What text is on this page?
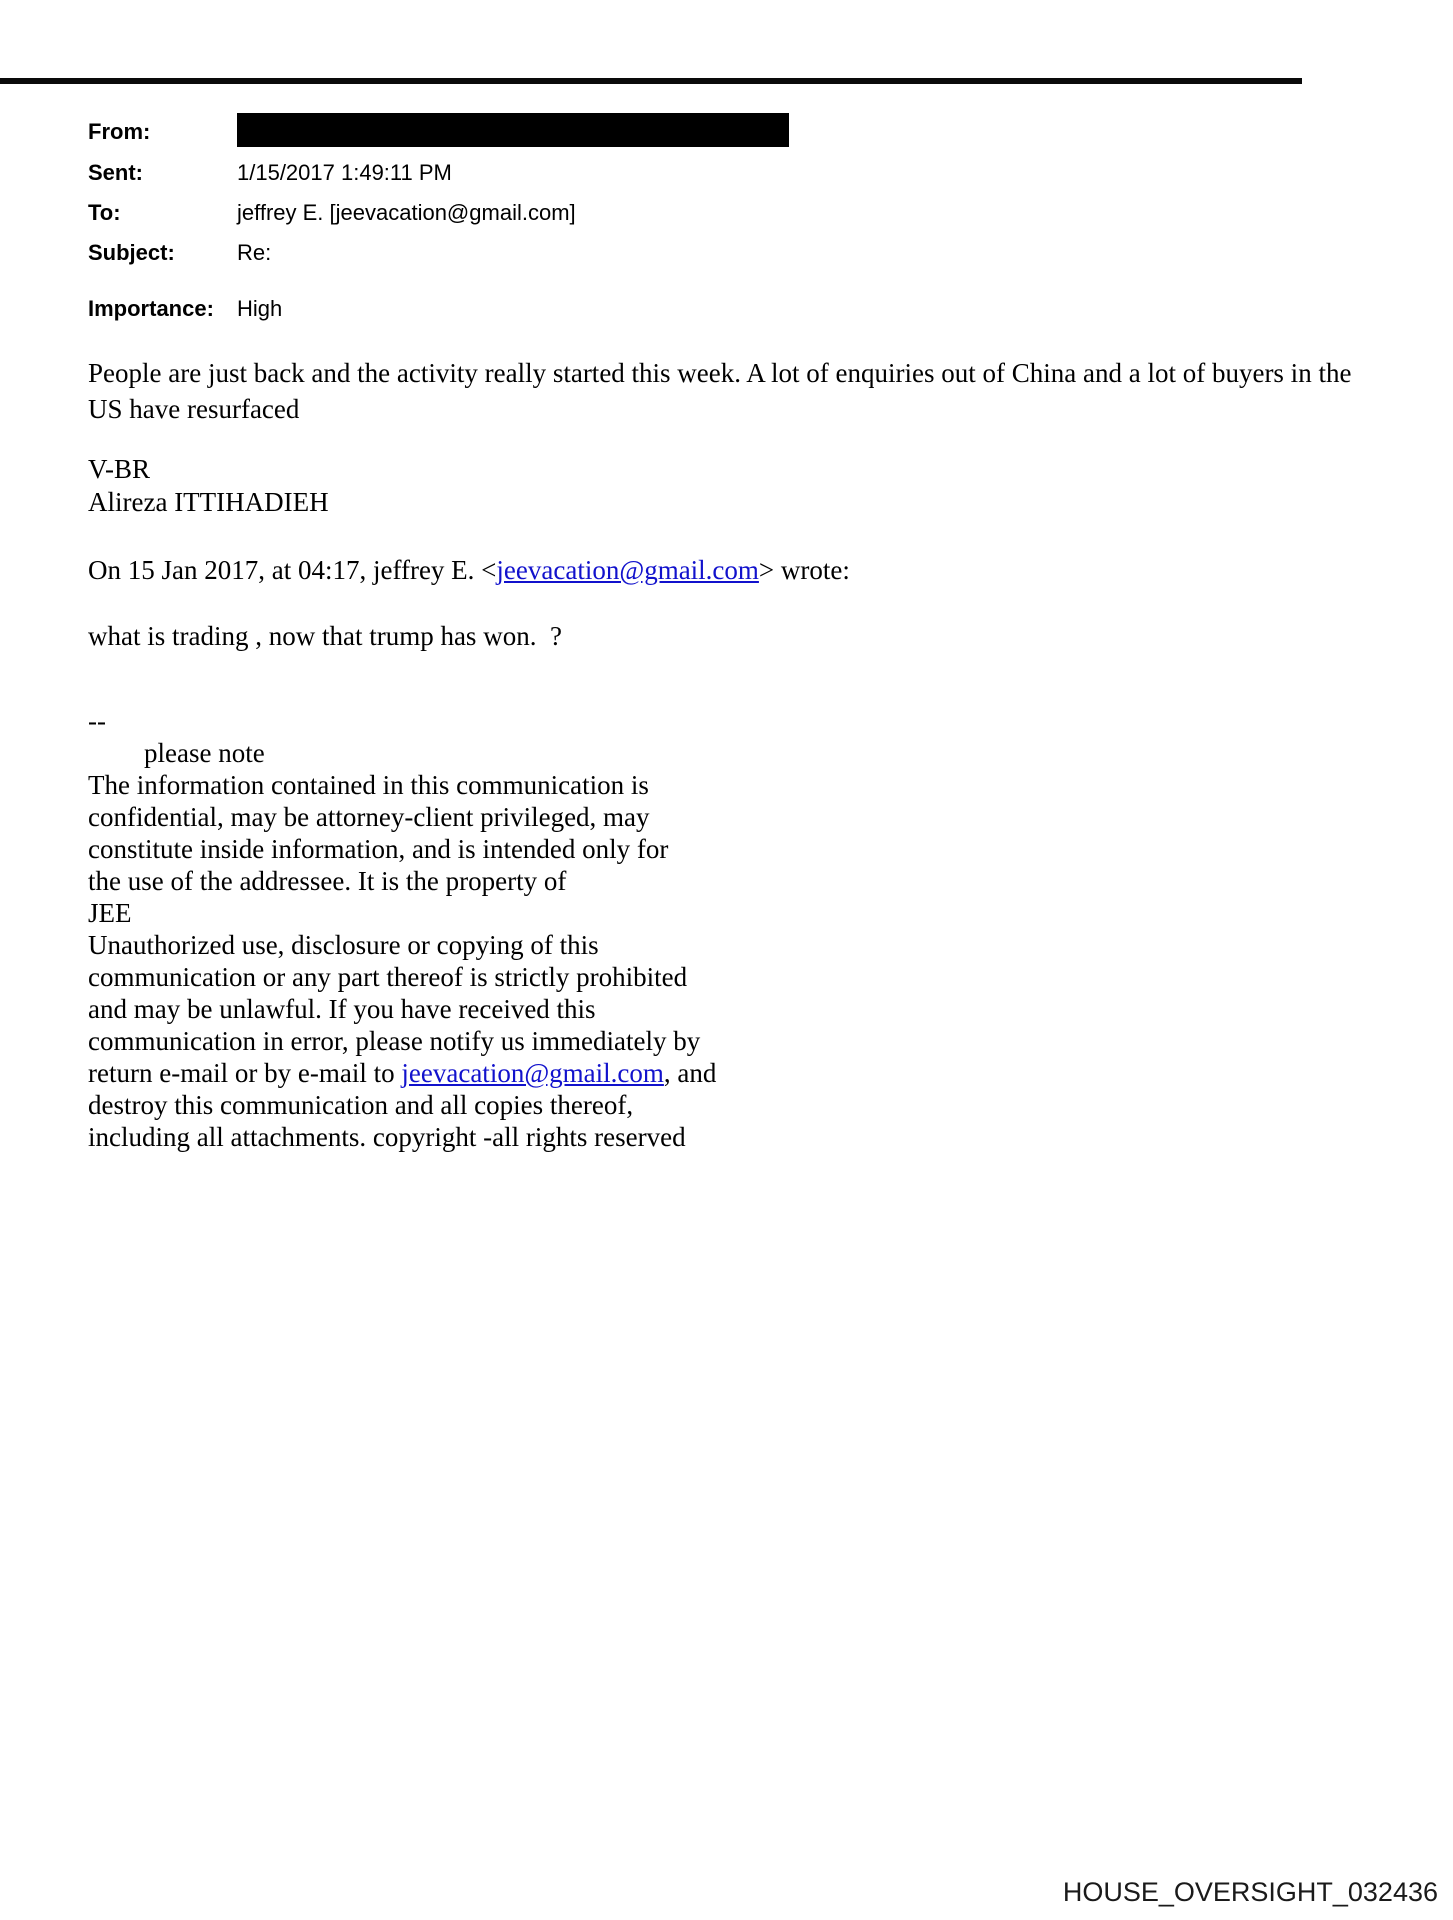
From:
Sent:	1/15/2017 1:49:11 PM
To:	jeffrey E. [jeevacation@gmail.com]
Subject:	Re:
Importance: High
People are just back and the activity really started this week. A lot of enquiries out of China and a lot of buyers in the US have resurfaced
V-BR
Alireza ITTIHADIEH
On 15 Jan 2017, at 04:17, jeffrey E. <jeevacation@gmail.com> wrote:
what is trading , now that trump has won.  ?
--
please note
The information contained in this communication is
confidential, may be attorney-client privileged, may
constitute inside information, and is intended only for
the use of the addressee. It is the property of
JEE
Unauthorized use, disclosure or copying of this
communication or any part thereof is strictly prohibited
and may be unlawful. If you have received this
communication in error, please notify us immediately by
return e-mail or by e-mail to jeevacation@gmail.com, and
destroy this communication and all copies thereof,
including all attachments. copyright -all rights reserved
HOUSE_OVERSIGHT_032436
